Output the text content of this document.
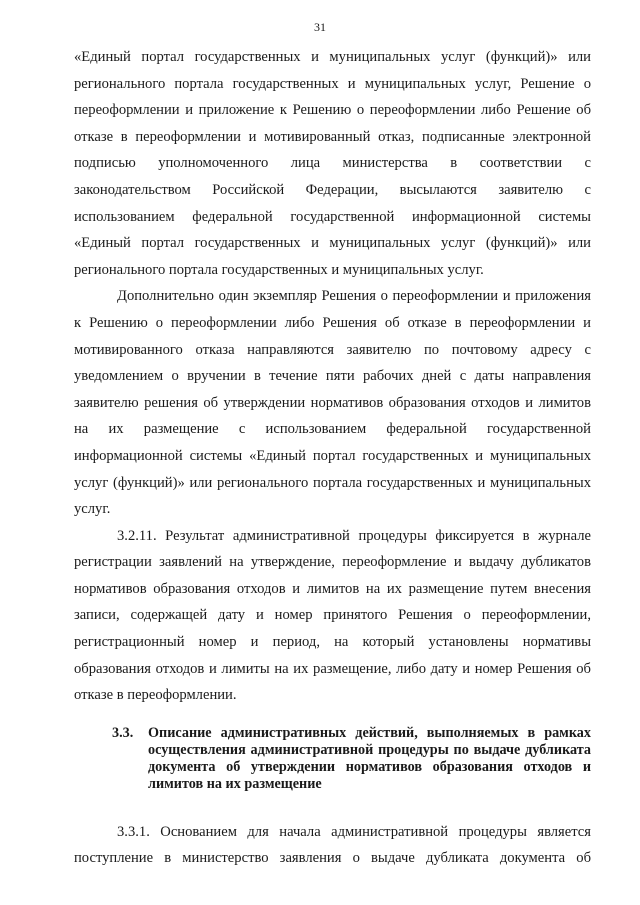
31

«Единый портал государственных и муниципальных услуг (функций)» или регионального портала государственных и муниципальных услуг, Решение о переоформлении и приложение к Решению о переоформлении либо Решение об отказе в переоформлении и мотивированный отказ, подписанные электронной подписью уполномоченного лица министерства в соответствии с законодательством Российской Федерации, высылаются заявителю с использованием федеральной государственной информационной системы «Единый портал государственных и муниципальных услуг (функций)» или регионального портала государственных и муниципальных услуг.

Дополнительно один экземпляр Решения о переоформлении и приложения к Решению о переоформлении либо Решения об отказе в переоформлении и мотивированного отказа направляются заявителю по почтовому адресу с уведомлением о вручении в течение пяти рабочих дней с даты направления заявителю решения об утверждении нормативов образования отходов и лимитов на их размещение с использованием федеральной государственной информационной системы «Единый портал государственных и муниципальных услуг (функций)» или регионального портала государственных и муниципальных услуг.

3.2.11. Результат административной процедуры фиксируется в журнале регистрации заявлений на утверждение, переоформление и выдачу дубликатов нормативов образования отходов и лимитов на их размещение путем внесения записи, содержащей дату и номер принятого Решения о переоформлении, регистрационный номер и период, на который установлены нормативы образования отходов и лимиты на их размещение, либо дату и номер Решения об отказе в переоформлении.

3.3.	Описание административных действий, выполняемых в рамках осуществления административной процедуры по выдаче дубликата документа об утверждении нормативов образования отходов и лимитов на их размещение

3.3.1. Основанием для начала административной процедуры является поступление в министерство заявления о выдаче дубликата документа об
